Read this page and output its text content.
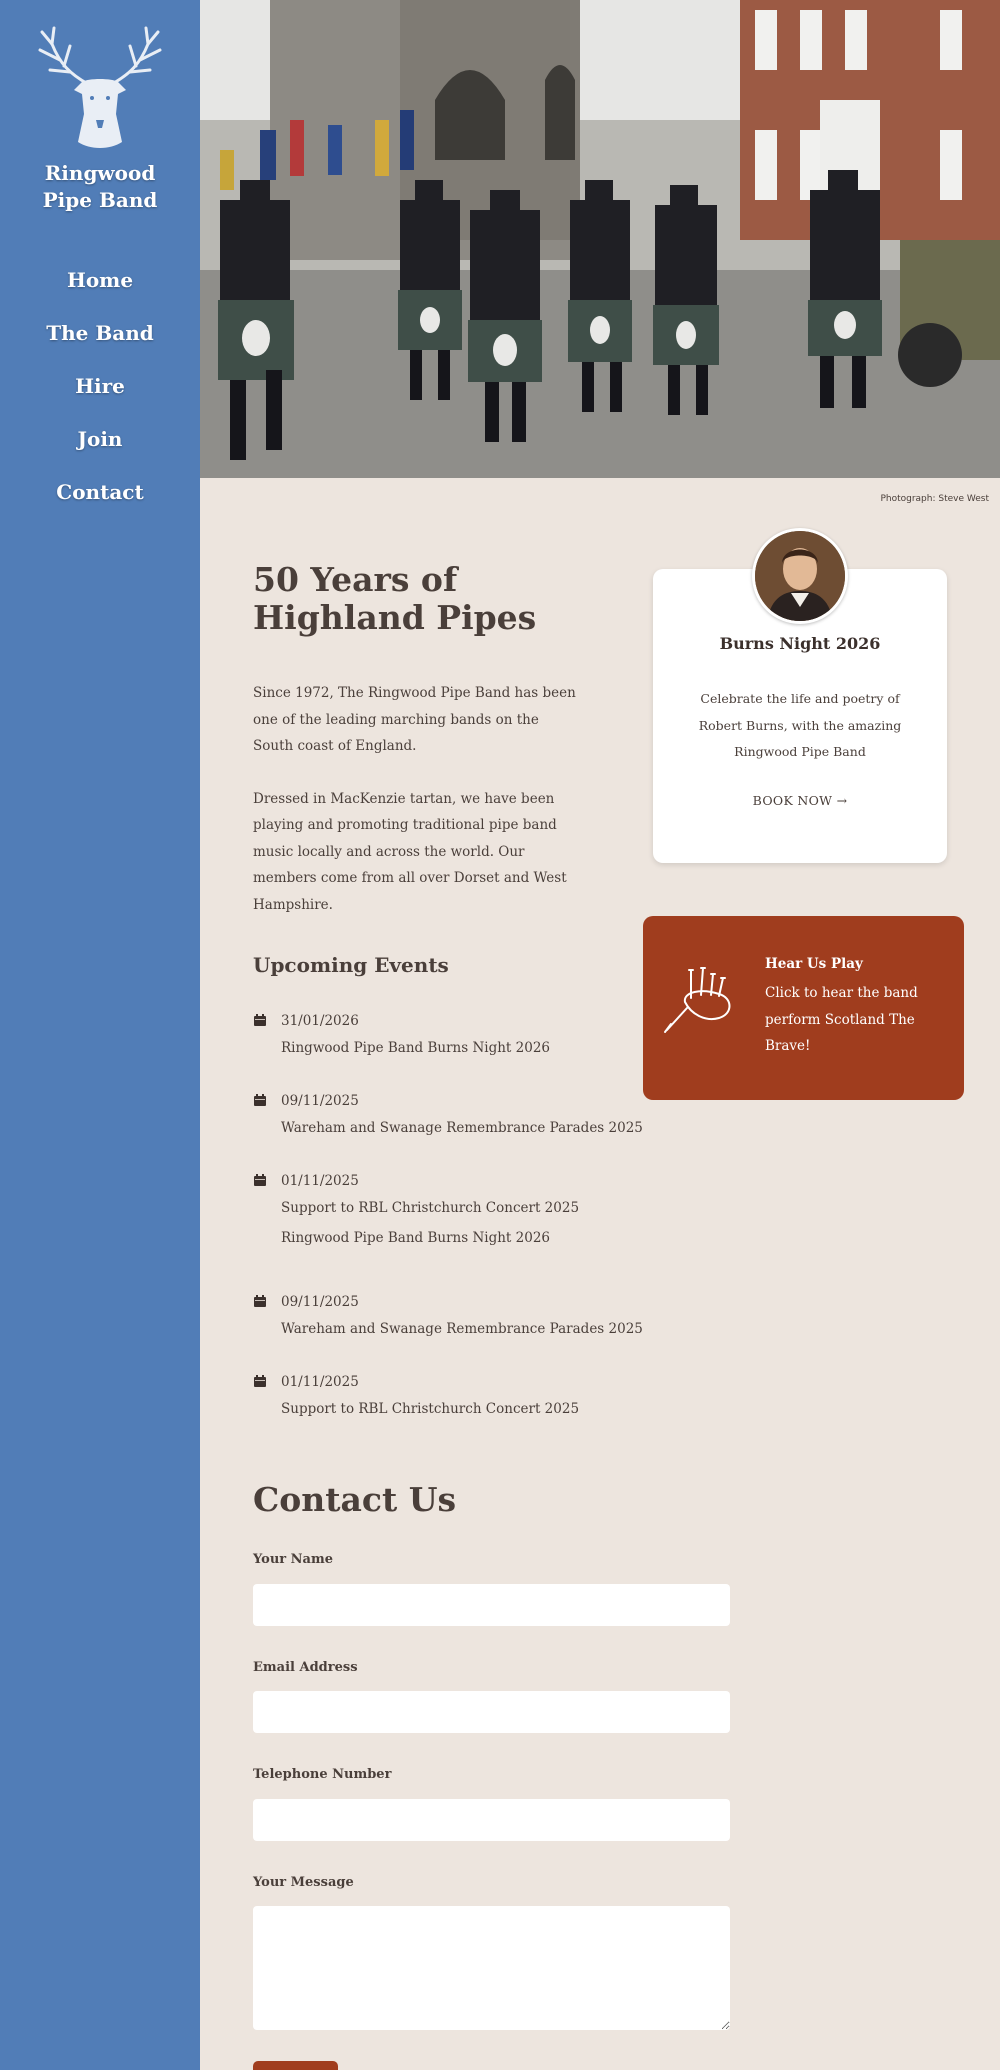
Ringwood
Pipe Band
Home
The Band
Hire
Join
Contact	Photograph: Steve West
50 Years of Highland Pipes

Since 1972, The Ringwood Pipe Band has been one of the leading marching bands on the South coast of England.

Dressed in MacKenzie tartan, we have been playing and promoting traditional pipe band music locally and across the world. Our members come from all over Dorset and West Hampshire.

Upcoming Events
31/01/2026
Ringwood Pipe Band Burns Night 2026
09/11/2025
Wareham and Swanage Remembrance Parades 2025
01/11/2025
Support to RBL Christchurch Concert 2025
Ringwood Pipe Band Burns Night 2026
09/11/2025
Wareham and Swanage Remembrance Parades 2025
01/11/2025
Support to RBL Christchurch Concert 2025
Burns Night 2026
Celebrate the life and poetry of Robert Burns, with the amazing Ringwood Pipe Band
BOOK NOW →
Hear Us Play
Click to hear the band perform Scotland The Brave!
Contact Us
Your Name
Email Address
Telephone Number
Your Message
